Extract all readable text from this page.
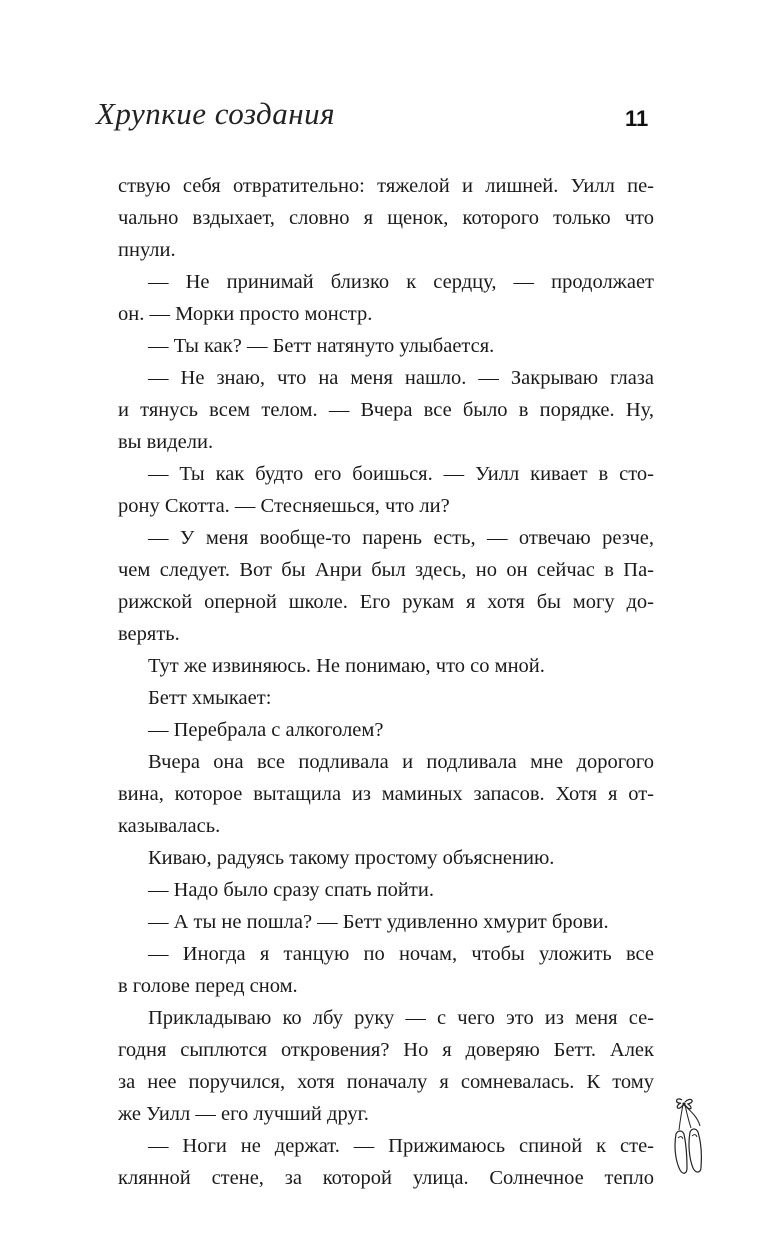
Хрупкие создания	11
ствую себя отвратительно: тяжелой и лишней. Уилл пе-
чально вздыхает, словно я щенок, которого только что
пнули.
— Не принимай близко к сердцу, — продолжает
он. — Морки просто монстр.
— Ты как? — Бетт натянуто улыбается.
— Не знаю, что на меня нашло. — Закрываю глаза
и тянусь всем телом. — Вчера все было в порядке. Ну,
вы видели.
— Ты как будто его боишься. — Уилл кивает в сто-
рону Скотта. — Стесняешься, что ли?
— У меня вообще-то парень есть, — отвечаю резче,
чем следует. Вот бы Анри был здесь, но он сейчас в Па-
рижской оперной школе. Его рукам я хотя бы могу до-
верять.
Тут же извиняюсь. Не понимаю, что со мной.
Бетт хмыкает:
— Перебрала с алкоголем?
Вчера она все подливала и подливала мне дорогого
вина, которое вытащила из маминых запасов. Хотя я от-
казывалась.
Киваю, радуясь такому простому объяснению.
— Надо было сразу спать пойти.
— А ты не пошла? — Бетт удивленно хмурит брови.
— Иногда я танцую по ночам, чтобы уложить все
в голове перед сном.
Прикладываю ко лбу руку — с чего это из меня се-
годня сыплются откровения? Но я доверяю Бетт. Алек
за нее поручился, хотя поначалу я сомневалась. К тому
же Уилл — его лучший друг.
— Ноги не держат. — Прижимаюсь спиной к сте-
клянной стене, за которой улица. Солнечное тепло
